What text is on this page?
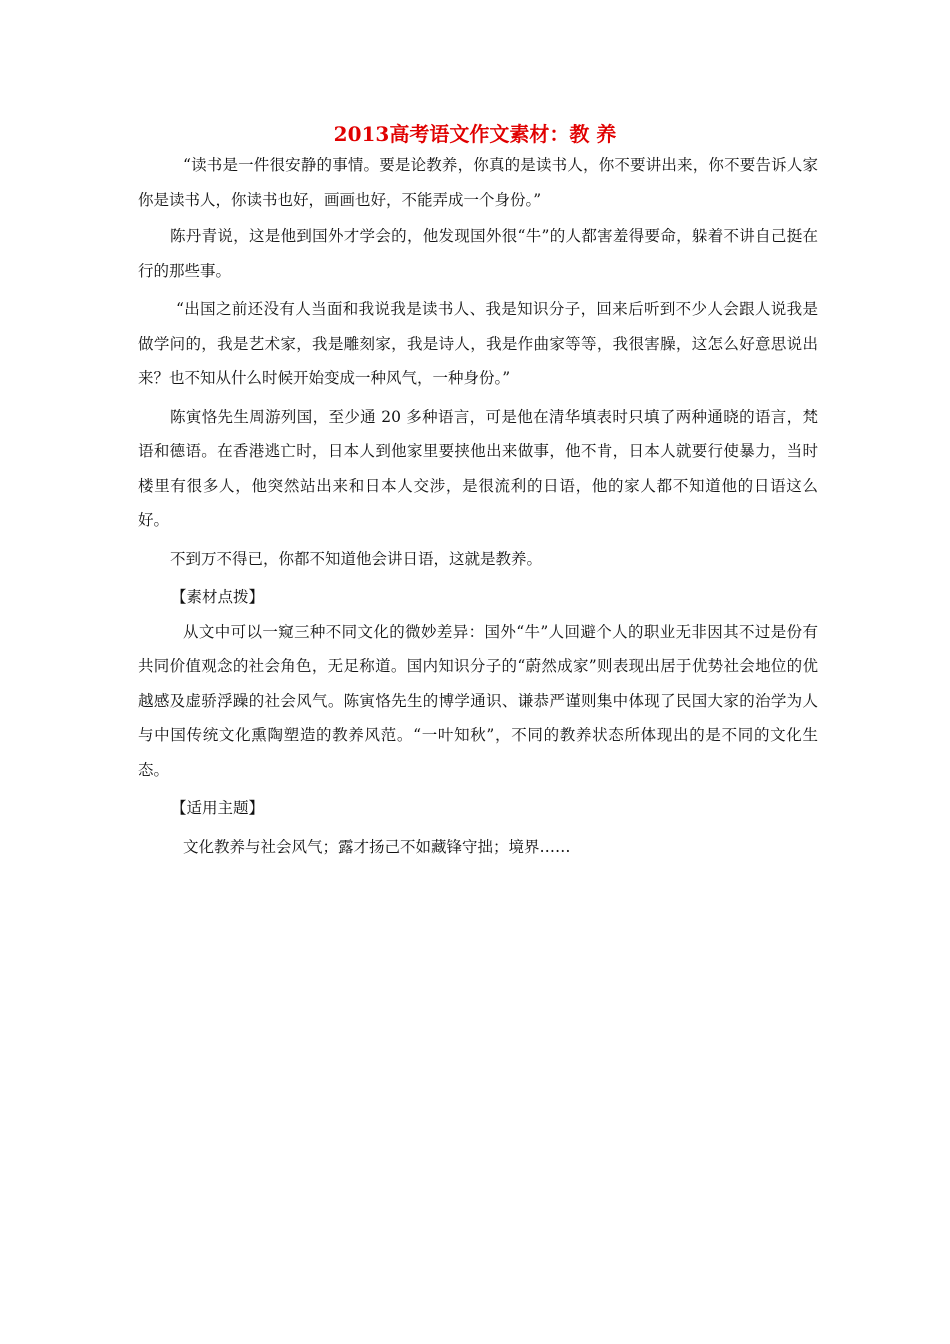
2013高考语文作文素材：教 养

“读书是一件很安静的事情。要是论教养，你真的是读书人，你不要讲出来，你不要告诉人家你是读书人，你读书也好，画画也好，不能弄成一个身份。”

陈丹青说，这是他到国外才学会的，他发现国外很“牛”的人都害羞得要命，躲着不讲自己挺在行的那些事。

“出国之前还没有人当面和我说我是读书人、我是知识分子，回来后听到不少人会跟人说我是做学问的，我是艺术家，我是雕刻家，我是诗人，我是作曲家等等，我很害臊，这怎么好意思说出来？也不知从什么时候开始变成一种风气，一种身份。”

陈寅恪先生周游列国，至少通 20 多种语言，可是他在清华填表时只填了两种通晓的语言，梵语和德语。在香港逃亡时，日本人到他家里要挟他出来做事，他不肯，日本人就要行使暴力，当时楼里有很多人，他突然站出来和日本人交涉，是很流利的日语，他的家人都不知道他的日语这么好。

不到万不得已，你都不知道他会讲日语，这就是教养。

【素材点拨】

从文中可以一窥三种不同文化的微妙差异：国外“牛”人回避个人的职业无非因其不过是份有共同价值观念的社会角色，无足称道。国内知识分子的“蔚然成家”则表现出居于优势社会地位的优越感及虚骄浮躁的社会风气。陈寅恪先生的博学通识、谦恭严谨则集中体现了民国大家的治学为人与中国传统文化熏陶塑造的教养风范。“一叶知秋”，不同的教养状态所体现出的是不同的文化生态。

【适用主题】

文化教养与社会风气；露才扬己不如藏锋守拙；境界……
